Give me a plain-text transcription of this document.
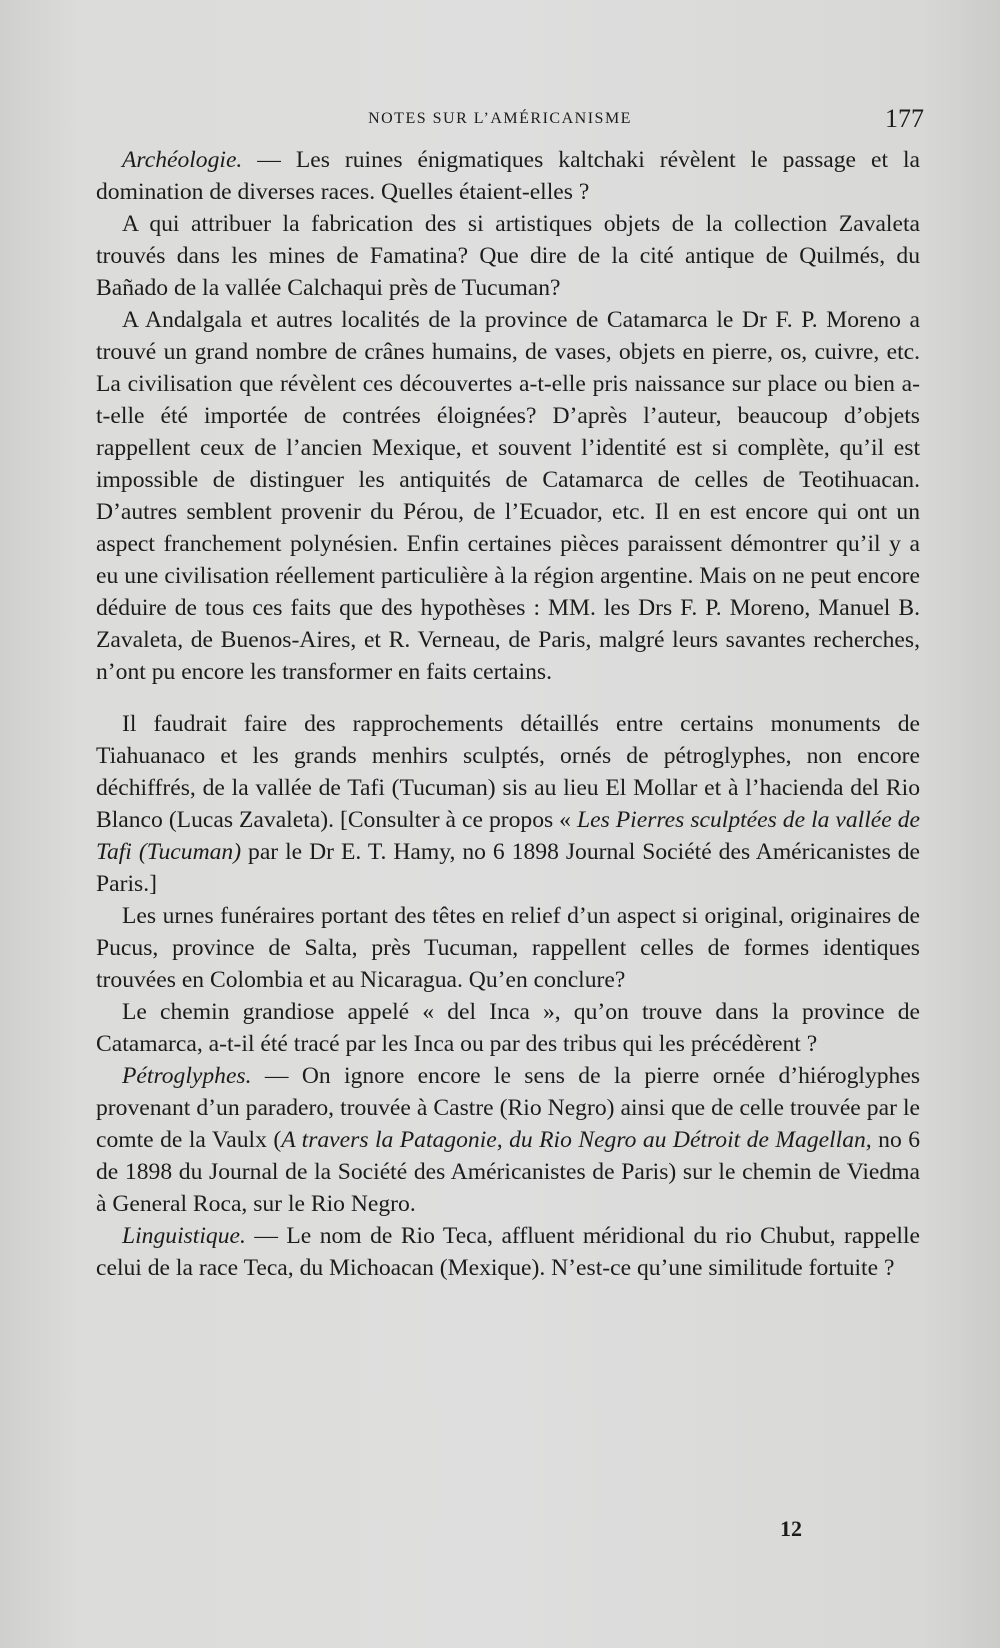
NOTES SUR L’AMÉRICANISME	177

Archéologie. — Les ruines énigmatiques kaltchaki révèlent le passage et la domination de diverses races. Quelles étaient-elles ?

A qui attribuer la fabrication des si artistiques objets de la collection Zavaleta trouvés dans les mines de Famatina? Que dire de la cité antique de Quilmés, du Bañado de la vallée Calchaqui près de Tucuman?

A Andalgala et autres localités de la province de Catamarca le Dr F. P. Moreno a trouvé un grand nombre de crânes humains, de vases, objets en pierre, os, cuivre, etc. La civilisation que révèlent ces découvertes a-t-elle pris naissance sur place ou bien a-t-elle été importée de contrées éloignées? D’après l’auteur, beaucoup d’objets rappellent ceux de l’ancien Mexique, et souvent l’identité est si complète, qu’il est impossible de distinguer les antiquités de Catamarca de celles de Teotihuacan. D’autres semblent provenir du Pérou, de l’Ecuador, etc. Il en est encore qui ont un aspect franchement polynésien. Enfin certaines pièces paraissent démontrer qu’il y a eu une civilisation réellement particulière à la région argentine. Mais on ne peut encore déduire de tous ces faits que des hypothèses : MM. les Drs F. P. Moreno, Manuel B. Zavaleta, de Buenos-Aires, et R. Verneau, de Paris, malgré leurs savantes recherches, n’ont pu encore les transformer en faits certains.

Il faudrait faire des rapprochements détaillés entre certains monuments de Tiahuanaco et les grands menhirs sculptés, ornés de pétroglyphes, non encore déchiffrés, de la vallée de Tafi (Tucuman) sis au lieu El Mollar et à l’hacienda del Rio Blanco (Lucas Zavaleta). [Consulter à ce propos « Les Pierres sculptées de la vallée de Tafi (Tucuman) par le Dr E. T. Hamy, no 6 1898 Journal Société des Américanistes de Paris.]

Les urnes funéraires portant des têtes en relief d’un aspect si original, originaires de Pucus, province de Salta, près Tucuman, rappellent celles de formes identiques trouvées en Colombia et au Nicaragua. Qu’en conclure?

Le chemin grandiose appelé « del Inca », qu’on trouve dans la province de Catamarca, a-t-il été tracé par les Inca ou par des tribus qui les précédèrent ?

Pétroglyphes. — On ignore encore le sens de la pierre ornée d’hiéroglyphes provenant d’un paradero, trouvée à Castre (Rio Negro) ainsi que de celle trouvée par le comte de la Vaulx (A travers la Patagonie, du Rio Negro au Détroit de Magellan, no 6 de 1898 du Journal de la Société des Américanistes de Paris) sur le chemin de Viedma à General Roca, sur le Rio Negro.

Linguistique. — Le nom de Rio Teca, affluent méridional du rio Chubut, rappelle celui de la race Teca, du Michoacan (Mexique). N’est-ce qu’une similitude fortuite ?

12
